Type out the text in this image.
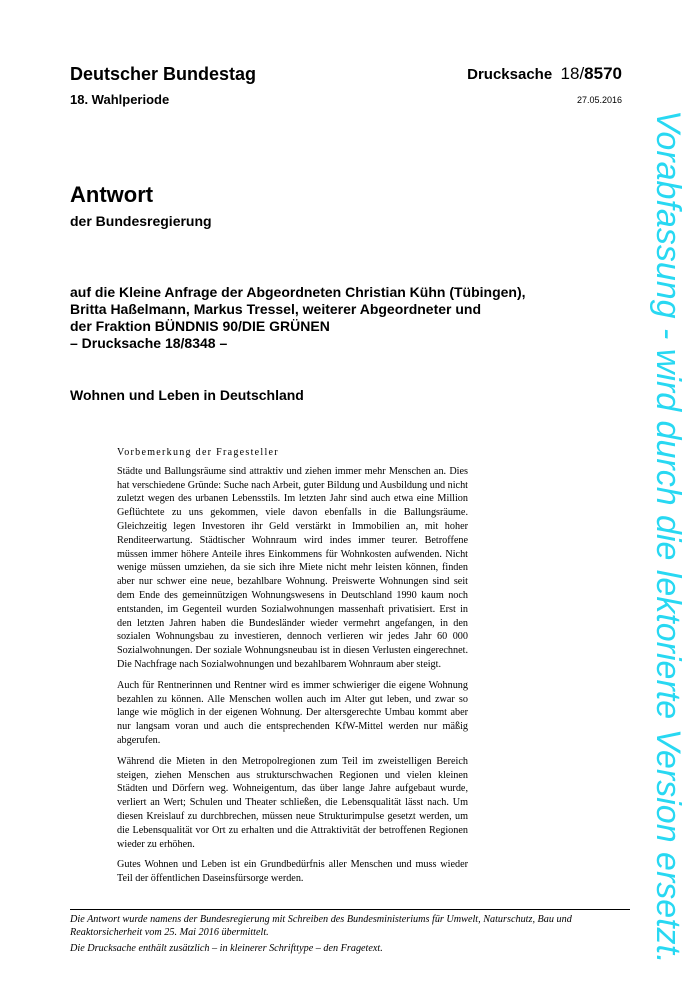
Deutscher Bundestag
18. Wahlperiode
Drucksache 18/8570
27.05.2016
Antwort
der Bundesregierung
auf die Kleine Anfrage der Abgeordneten Christian Kühn (Tübingen),
Britta Haßelmann, Markus Tressel, weiterer Abgeordneter und
der Fraktion BÜNDNIS 90/DIE GRÜNEN
– Drucksache 18/8348 –
Wohnen und Leben in Deutschland
Vorbemerkung der Fragesteller

Städte und Ballungsräume sind attraktiv und ziehen immer mehr Menschen an. Dies hat verschiedene Gründe: Suche nach Arbeit, guter Bildung und Ausbildung und nicht zuletzt wegen des urbanen Lebensstils. Im letzten Jahr sind auch etwa eine Million Geflüchtete zu uns gekommen, viele davon ebenfalls in die Ballungsräume. Gleichzeitig legen Investoren ihr Geld verstärkt in Immobilien an, mit hoher Renditeerwartung. Städtischer Wohnraum wird indes immer teurer. Betroffene müssen immer höhere Anteile ihres Einkommens für Wohnkosten aufwenden. Nicht wenige müssen umziehen, da sie sich ihre Miete nicht mehr leisten können, finden aber nur schwer eine neue, bezahlbare Wohnung. Preiswerte Wohnungen sind seit dem Ende des gemeinnützigen Wohnungswesens in Deutschland 1990 kaum noch entstanden, im Gegenteil wurden Sozialwohnungen massenhaft privatisiert. Erst in den letzten Jahren haben die Bundesländer wieder vermehrt angefangen, in den sozialen Wohnungsbau zu investieren, dennoch verlieren wir jedes Jahr 60 000 Sozialwohnungen. Der soziale Wohnungsneubau ist in diesen Verlusten eingerechnet. Die Nachfrage nach Sozialwohnungen und bezahlbarem Wohnraum aber steigt.

Auch für Rentnerinnen und Rentner wird es immer schwieriger die eigene Wohnung bezahlen zu können. Alle Menschen wollen auch im Alter gut leben, und zwar so lange wie möglich in der eigenen Wohnung. Der altersgerechte Umbau kommt aber nur langsam voran und auch die entsprechenden KfW-Mittel werden nur mäßig abgerufen.

Während die Mieten in den Metropolregionen zum Teil im zweistelligen Bereich steigen, ziehen Menschen aus strukturschwachen Regionen und vielen kleinen Städten und Dörfern weg. Wohneigentum, das über lange Jahre aufgebaut wurde, verliert an Wert; Schulen und Theater schließen, die Lebensqualität lässt nach. Um diesen Kreislauf zu durchbrechen, müssen neue Strukturimpulse gesetzt werden, um die Lebensqualität vor Ort zu erhalten und die Attraktivität der betroffenen Regionen wieder zu erhöhen.

Gutes Wohnen und Leben ist ein Grundbedürfnis aller Menschen und muss wieder Teil der öffentlichen Daseinsfürsorge werden.

Die Antwort wurde namens der Bundesregierung mit Schreiben des Bundesministeriums für Umwelt, Naturschutz, Bau und Reaktorsicherheit vom 25. Mai 2016 übermittelt.

Die Drucksache enthält zusätzlich – in kleinerer Schrifttype – den Fragetext.	Vorabfassung - wird durch die lektorierte Version ersetzt.
